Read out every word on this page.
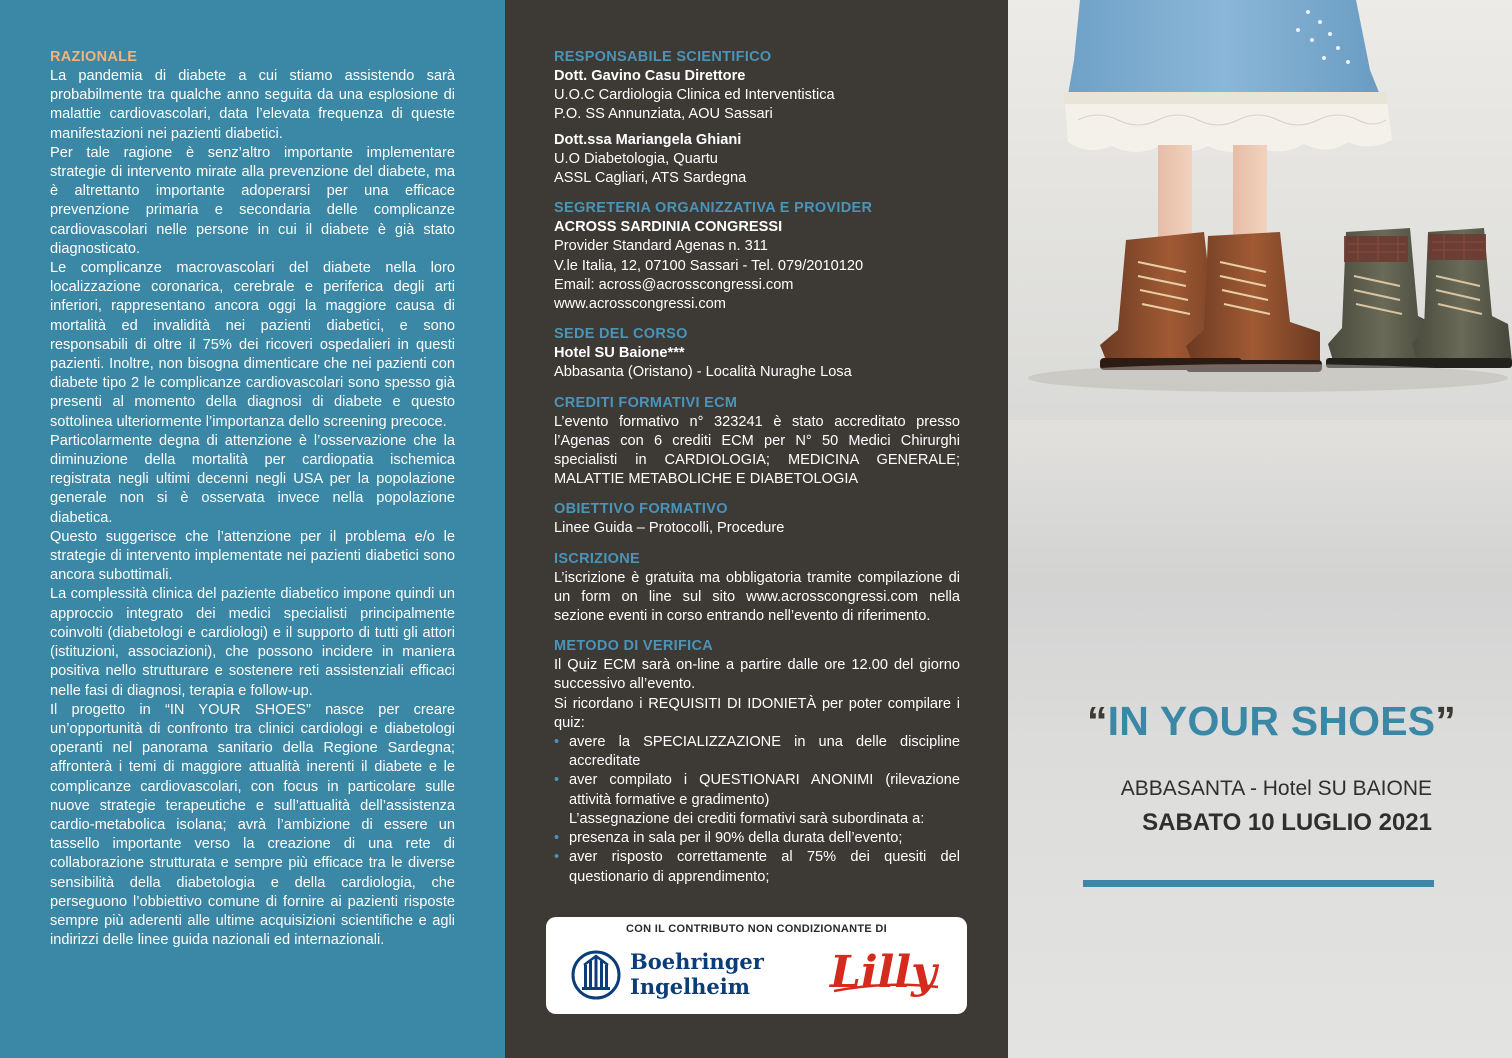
RAZIONALE

La pandemia di diabete a cui stiamo assistendo sarà probabilmente tra qualche anno seguita da una esplosione di malattie cardiovascolari, data l’elevata frequenza di queste manifestazioni nei pazienti diabetici.

Per tale ragione è senz’altro importante implementare strategie di intervento mirate alla prevenzione del diabete, ma è altrettanto importante adoperarsi per una efficace prevenzione primaria e secondaria delle complicanze cardiovascolari nelle persone in cui il diabete è già stato diagnosticato.

Le complicanze macrovascolari del diabete nella loro localizzazione coronarica, cerebrale e periferica degli arti inferiori, rappresentano ancora oggi la maggiore causa di mortalità ed invalidità nei pazienti diabetici, e sono responsabili di oltre il 75% dei ricoveri ospedalieri in questi pazienti. Inoltre, non bisogna dimenticare che nei pazienti con diabete tipo 2 le complicanze cardiovascolari sono spesso già presenti al momento della diagnosi di diabete e questo sottolinea ulteriormente l’importanza dello screening precoce.

Particolarmente degna di attenzione è l’osservazione che la diminuzione della mortalità per cardiopatia ischemica registrata negli ultimi decenni negli USA per la popolazione generale non si è osservata invece nella popolazione diabetica.

Questo suggerisce che l’attenzione per il problema e/o le strategie di intervento implementate nei pazienti diabetici sono ancora subottimali.

La complessità clinica del paziente diabetico impone quindi un approccio integrato dei medici specialisti principalmente coinvolti (diabetologi e cardiologi) e il supporto di tutti gli attori (istituzioni, associazioni), che possono incidere in maniera positiva nello strutturare e sostenere reti assistenziali efficaci nelle fasi di diagnosi, terapia e follow-up.

Il progetto in “IN YOUR SHOES” nasce per creare un’opportunità di confronto tra clinici cardiologi e diabetologi operanti nel panorama sanitario della Regione Sardegna; affronterà i temi di maggiore attualità inerenti il diabete e le complicanze cardiovascolari, con focus in particolare sulle nuove strategie terapeutiche e sull’attualità dell’assistenza cardio-metabolica isolana; avrà l’ambizione di essere un tassello importante verso la creazione di una rete di collaborazione strutturata e sempre più efficace tra le diverse sensibilità della diabetologia e della cardiologia, che perseguono l’obbiettivo comune di fornire ai pazienti risposte sempre più aderenti alle ultime acquisizioni scientifiche e agli indirizzi delle linee guida nazionali ed internazionali.

RESPONSABILE SCIENTIFICO
Dott. Gavino Casu Direttore
U.O.C Cardiologia Clinica ed Interventistica
P.O. SS Annunziata, AOU Sassari
Dott.ssa Mariangela Ghiani
U.O Diabetologia, Quartu
ASSL Cagliari, ATS Sardegna
SEGRETERIA ORGANIZZATIVA E PROVIDER
ACROSS SARDINIA CONGRESSI
Provider Standard Agenas n. 311
V.le Italia, 12, 07100 Sassari - Tel. 079/2010120
Email: across@acrosscongressi.com
www.acrosscongressi.com
SEDE DEL CORSO
Hotel SU Baione***
Abbasanta (Oristano) - Località Nuraghe Losa
CREDITI FORMATIVI ECM

L’evento formativo n° 323241 è stato accreditato presso l’Agenas con 6 crediti ECM per N° 50 Medici Chirurghi specialisti in CARDIOLOGIA; MEDICINA GENERALE; MALATTIE METABOLICHE E DIABETOLOGIA

OBIETTIVO FORMATIVO
Linee Guida – Protocolli, Procedure
ISCRIZIONE

L’iscrizione è gratuita ma obbligatoria tramite compilazione di un form on line sul sito www.acrosscongressi.com nella sezione eventi in corso entrando nell’evento di riferimento.

METODO DI VERIFICA

Il Quiz ECM sarà on-line a partire dalle ore 12.00 del giorno successivo all’evento.

Si ricordano i REQUISITI DI IDONIETÀ per poter compilare i quiz:

• avere la SPECIALIZZAZIONE in una delle discipline accreditate
• aver compilato i QUESTIONARI ANONIMI (rilevazione attività formative e gradimento)
L’assegnazione dei crediti formativi sarà subordinata a:
• presenza in sala per il 90% della durata dell’evento;
• aver risposto correttamente al 75% dei quesiti del questionario di apprendimento;
CON IL CONTRIBUTO NON CONDIZIONANTE DI
Boehringer
Ingelheim	Lilly
“IN YOUR SHOES”
ABBASANTA - Hotel SU BAIONE
SABATO 10 LUGLIO 2021
